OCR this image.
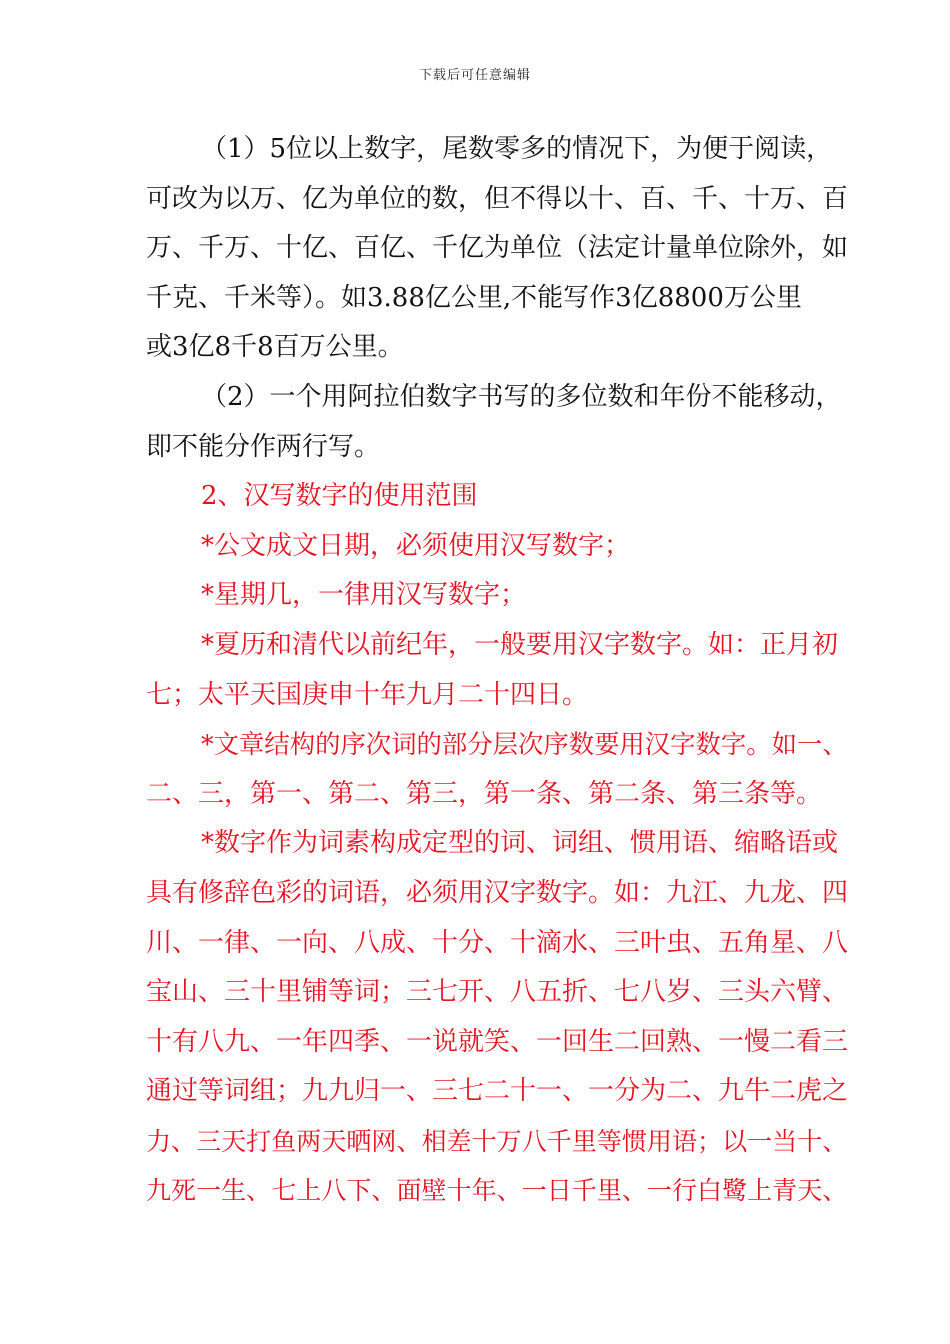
下载后可任意编辑
（1）5位以上数字，尾数零多的情况下，为便于阅读，
可改为以万、亿为单位的数，但不得以十、百、千、十万、百
万、千万、十亿、百亿、千亿为单位（法定计量单位除外，如
千克、千米等）。如3.88亿公里,不能写作3亿8800万公里
或3亿8千8百万公里。
（2）一个用阿拉伯数字书写的多位数和年份不能移动，
即不能分作两行写。
2、汉写数字的使用范围
*公文成文日期，必须使用汉写数字；
*星期几，一律用汉写数字；
*夏历和清代以前纪年，一般要用汉字数字。如：正月初
七；太平天国庚申十年九月二十四日。
*文章结构的序次词的部分层次序数要用汉字数字。如一、
二、三，第一、第二、第三，第一条、第二条、第三条等。
*数字作为词素构成定型的词、词组、惯用语、缩略语或
具有修辞色彩的词语，必须用汉字数字。如：九江、九龙、四
川、一律、一向、八成、十分、十滴水、三叶虫、五角星、八
宝山、三十里铺等词；三七开、八五折、七八岁、三头六臂、
十有八九、一年四季、一说就笑、一回生二回熟、一慢二看三
通过等词组；九九归一、三七二十一、一分为二、九牛二虎之
力、三天打鱼两天晒网、相差十万八千里等惯用语；以一当十、
九死一生、七上八下、面壁十年、一日千里、一行白鹭上青天、
